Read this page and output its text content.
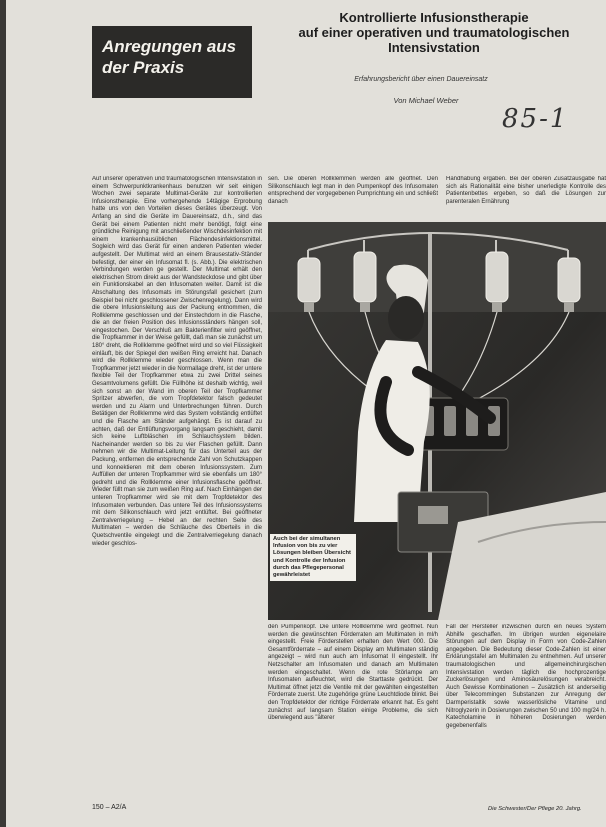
Anregungen aus der Praxis
Kontrollierte Infusionstherapie
auf einer operativen und traumatologischen
Intensivstation
Erfahrungsbericht über einen Dauereinsatz
Von Michael Weber
85-1

Auf unserer operativen und traumatologischen Intensivstation in einem Schwerpunktkrankenhaus benutzen wir seit einigen Wochen zwei separate Multimat-Geräte zur kontrollierten Infusionstherapie. Eine vorhergehende 14tägige Erprobung hatte uns von den Vorteilen dieses Gerätes überzeugt. Von Anfang an sind die Geräte im Dauereinsatz, d.h., sind das Gerät bei einem Patienten nicht mehr benötigt, folgt eine gründliche Reinigung mit anschließender Wischdesinfektion mit einem krankenhausüblichen Flächendesinfektionsmittel. Sogleich wird das Gerät für einen anderen Patienten wieder aufgestellt. Der Multimat wird an einem Brausestativ-Ständer befestigt, der einer ein Infusomat fl. (s. Abb.). Die elektrischen Verbindungen werden ge gestellt. Der Multimat erhält den elektrischen Strom direkt aus der Wandsteckdose und gibt über ein Funktionskabel an den Infusomaten weiter. Damit ist die Abschaltung des Infusomats im Störungsfall gesichert (zum Beispiel bei nicht geschlossener Zwischenregelung). Dann wird die obere Infusionsleitung aus der Packung entnommen, die Rollklemme geschlossen und der Einstechdorn in die Flasche, die an der freien Position des Infusionsständers hängen soll, eingestochen. Der Verschluß am Bakterienfilter wird geöffnet, die Tropfkammer in der Weise gefüllt, daß man sie zunächst um 180° dreht, die Rollklemme geöffnet wird und so viel Flüssigkeit einläuft, bis der Spiegel den weißen Ring erreicht hat. Danach wird die Rollklemme wieder geschlossen. Wenn man die Tropfkammer jetzt wieder in die Normallage dreht, ist der untere flexible Teil der Tropfkammer etwa zu zwei Drittel seines Gesamtvolumens gefüllt. Die Füllhöhe ist deshalb wichtig, weil sich sonst an der Wand im oberen Teil der Tropfkammer Spritzer abwerfen, die vom Tropfdetektor falsch gedeutet werden und zu Alarm und Unterbrechungen führen. Durch Betätigen der Rollklemme wird das System vollständig entlüftet und die Flasche am Ständer aufgehängt. Es ist darauf zu achten, daß der Entlüftungsvorgang langsam geschieht, damit sich keine Luftbläschen im Schlauchsystem bilden. Nacheinander werden so bis zu vier Flaschen gefüllt. Dann nehmen wir die Multimat-Leitung für das Unterteil aus der Packung, entfernen die entsprechende Zahl von Schutzkappen und konnektieren mit dem oberen Infusionssystem. Zum Auffüllen der unteren Tropfkammer wird sie ebenfalls um 180° gedreht und die Rollklemme einer Infusionsflasche geöffnet. Wieder füllt man sie zum weißen Ring auf. Nach Einhängen der unteren Tropfkammer wird sie mit dem Tropfdetektor des Infusomaten verbunden. Das untere Teil des Infusionssystems mit dem Silikonschlauch wird jetzt entlüftet. Bei geöffneter Zentralverriegelung – Hebel an der rechten Seite des Multimaten – werden die Schläuche des Oberteils in die Quetschventile eingelegt und die Zentralverriegelung danach wieder geschlos-

sen. Die oberen Rollklemmen werden alle geöffnet. Den Silikonschlauch legt man in den Pumpenkopf des Infusomaten entsprechend der vorgegebenen Pumprichtung ein und schließt danach

Handhabung ergaben. Bei der oberen Zusatzausgabe hat sich als Rationalität eine bisher unerledigte Kontrolle des Patientenbettes ergeben, so daß die Lösungen zur parenteralen Ernährung

Auch bei der simultanen Infusion von bis zu vier Lösungen bleiben Übersicht und Kontrolle der Infusion durch das Pflegepersonal gewährleistet

den Pumpenkopf. Die untere Rollklemme wird geöffnet. Nun werden die gewünschten Förderraten am Multimaten in ml/h eingestellt. Freie Förderstellen erhalten den Wert 000. Die Gesamtförderrate – auf einem Display am Multimaten ständig angezeigt – wird nun auch am Infusomat II eingestellt. Ihr Netzschalter am Infusomaten und danach am Multimaten werden eingeschaltet. Wenn die rote Störlampe am Infusomaten aufleuchtet, wird die Starttaste gedrückt. Der Multimat öffnet jetzt die Ventile mit der gewählten eingestellten Förderrate zuerst. Ute zugehörige grüne Leuchtdiode blinkt. Bei den Tropfdetektor der richtige Förderrate erkannt hat. Es geht zunächst auf langsam Station einige Probleme, die sich überwiegend aus "älterer

Fall der Hersteller inzwischen durch ein neues System Abhilfe geschaffen. Im übrigen wurden eigenelaire Störungen auf dem Display in Form von Code-Zahlen angegeben. Die Bedeutung dieser Code-Zahlen ist einer Erklärungstafel am Multimaten zu entnehmen. Auf unserer traumatologischen und allgemeinchirurgischen Intensivstation werden täglich die hochprozentige Zuckerlösungen und Aminosäurelösungen verabreicht. Auch Gewisse Kombinationen – Zusätzlich ist anderseitig über Telecommingen Substanzen zur Anregung der Darmperistaltik sowie wasserlösliche Vitamine und Nitroglyzerin in Dosierungen zwischen 50 und 100 mg/24 h. Katecholamine in höheren Dosierungen werden gegebenenfalls

150 – A2/A	Die Schwester/Der Pflege 20. Jahrg.
